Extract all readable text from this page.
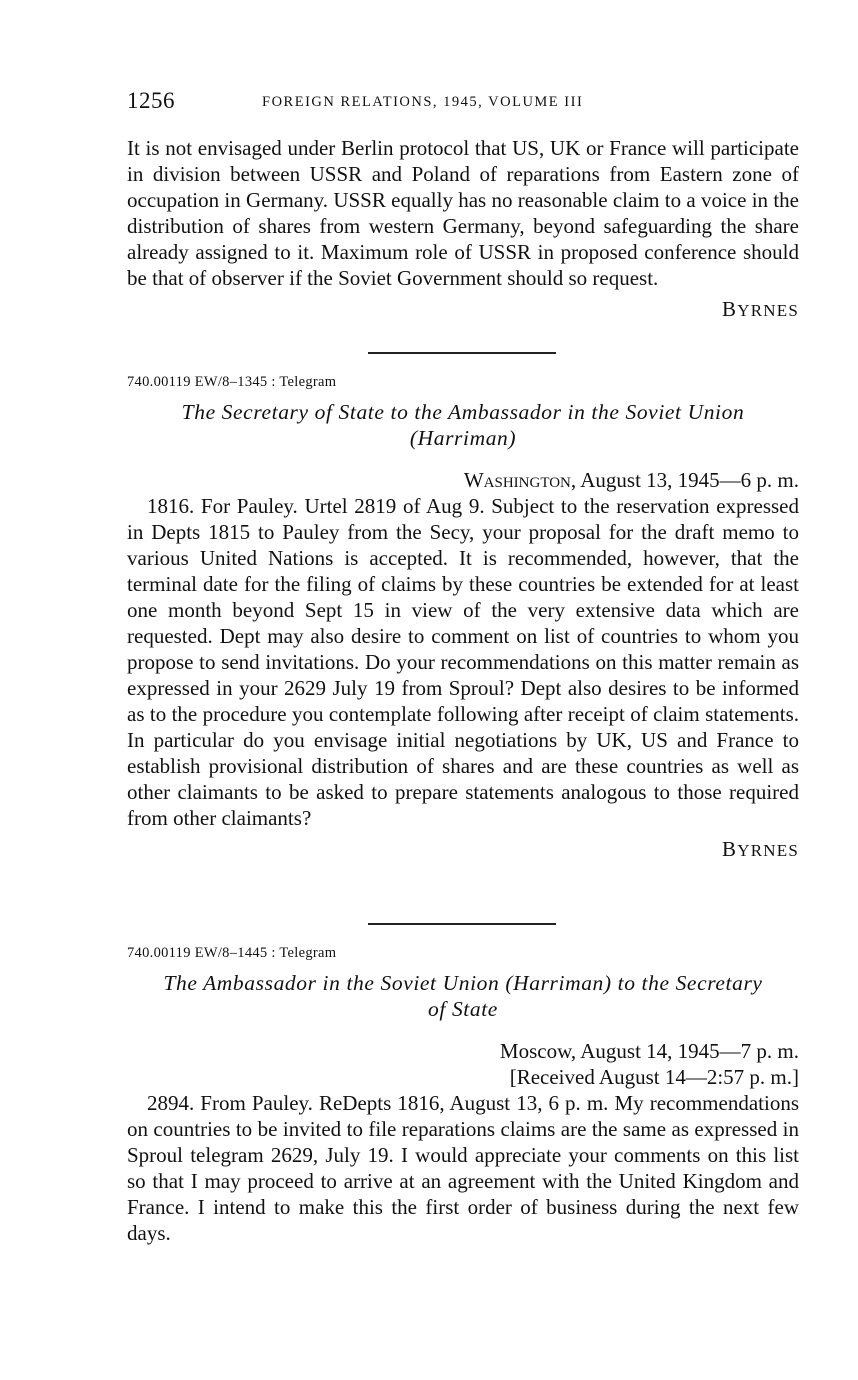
1256	FOREIGN RELATIONS, 1945, VOLUME III

It is not envisaged under Berlin protocol that US, UK or France will participate in division between USSR and Poland of reparations from Eastern zone of occupation in Germany. USSR equally has no reasonable claim to a voice in the distribution of shares from western Germany, beyond safeguarding the share already assigned to it. Maximum role of USSR in proposed conference should be that of observer if the Soviet Government should so request.

BYRNES

740.00119 EW/8–1345 : Telegram

The Secretary of State to the Ambassador in the Soviet Union

(Harriman)

Washington, August 13, 1945—6 p. m.

1816. For Pauley. Urtel 2819 of Aug 9. Subject to the reservation expressed in Depts 1815 to Pauley from the Secy, your proposal for the draft memo to various United Nations is accepted. It is recommended, however, that the terminal date for the filing of claims by these countries be extended for at least one month beyond Sept 15 in view of the very extensive data which are requested. Dept may also desire to comment on list of countries to whom you propose to send invitations. Do your recommendations on this matter remain as expressed in your 2629 July 19 from Sproul? Dept also desires to be informed as to the procedure you contemplate following after receipt of claim statements. In particular do you envisage initial negotiations by UK, US and France to establish provisional distribution of shares and are these countries as well as other claimants to be asked to prepare statements analogous to those required from other claimants?

BYRNES

740.00119 EW/8–1445 : Telegram

The Ambassador in the Soviet Union (Harriman) to the Secretary

of State

Moscow, August 14, 1945—7 p. m.

[Received August 14—2:57 p. m.]

2894. From Pauley. ReDepts 1816, August 13, 6 p. m. My recommendations on countries to be invited to file reparations claims are the same as expressed in Sproul telegram 2629, July 19. I would appreciate your comments on this list so that I may proceed to arrive at an agreement with the United Kingdom and France. I intend to make this the first order of business during the next few days.
